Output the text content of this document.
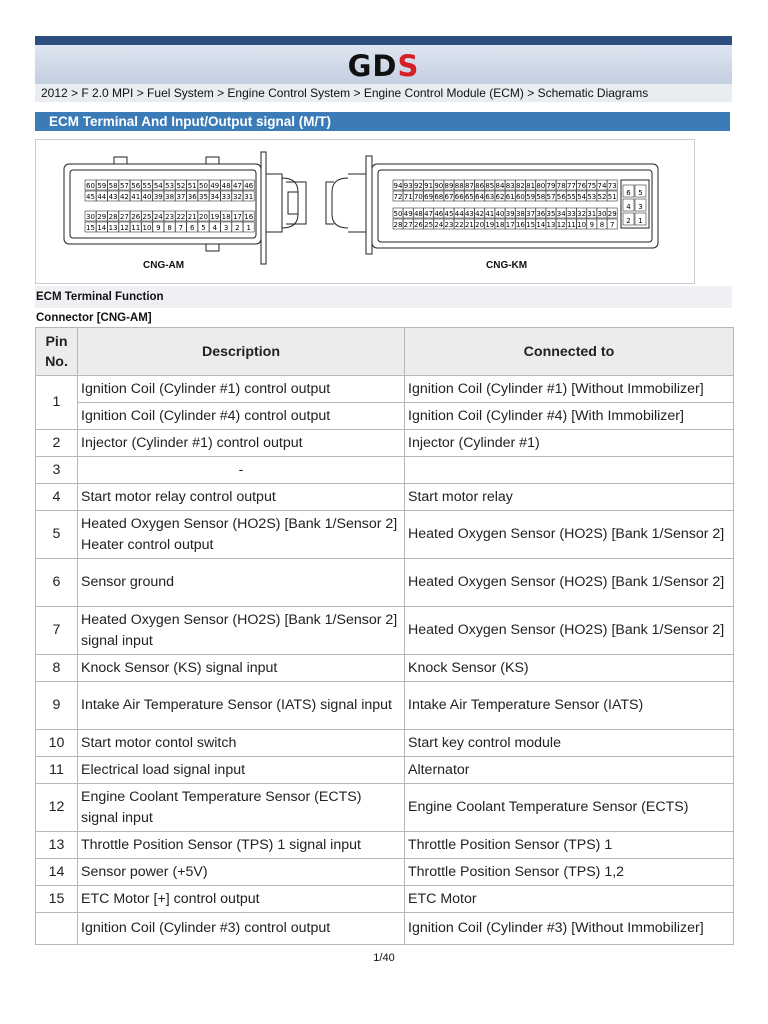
GDS
2012 > F 2.0 MPI > Fuel System > Engine Control System > Engine Control Module (ECM) > Schematic Diagrams
ECM Terminal And Input/Output signal (M/T)
60 59 58 57 56 55 54 53 52 51 50 49 48 47 46
45 44 43 42 41 40 39 38 37 36 35 34 33 32 31
30 29 28 27 26 25 24 23 22 21 20 19 18 17 16
15 14 13 12 11 10 9 8 7 6 5 4 3 2 1
94 93 92 91 90 89 88 87 86 85 84 83 82 81 80 79 78 77 76 75 74 73
72 71 70 69 68 67 66 65 64 63 62 61 60 59 58 57 56 55 54 53 52 51
50 49 48 47 46 45 44 43 42 41 40 39 38 37 36 35 34 33 32 31 30 29
28 27 26 25 24 23 22 21 20 19 18 17 16 15 14 13 12 11 10 9 8 7
6 5
4 3
2 1
CNG-AM	CNG-KM
ECM Terminal Function
Connector [CNG-AM]
Pin No.	Description	Connected to
1	Ignition Coil (Cylinder #1) control output	Ignition Coil (Cylinder #1) [Without Immobilizer]
	Ignition Coil (Cylinder #4) control output	Ignition Coil (Cylinder #4) [With Immobilizer]
2	Injector (Cylinder #1) control output	Injector (Cylinder #1)
3	-	
4	Start motor relay control output	Start motor relay
5	Heated Oxygen Sensor (HO2S) [Bank 1/Sensor 2] Heater control output	Heated Oxygen Sensor (HO2S) [Bank 1/Sensor 2]
6	Sensor ground	Heated Oxygen Sensor (HO2S) [Bank 1/Sensor 2]
7	Heated Oxygen Sensor (HO2S) [Bank 1/Sensor 2] signal input	Heated Oxygen Sensor (HO2S) [Bank 1/Sensor 2]
8	Knock Sensor (KS) signal input	Knock Sensor (KS)
9	Intake Air Temperature Sensor (IATS) signal input	Intake Air Temperature Sensor (IATS)
10	Start motor contol switch	Start key control module
11	Electrical load signal input	Alternator
12	Engine Coolant Temperature Sensor (ECTS) signal input	Engine Coolant Temperature Sensor (ECTS)
13	Throttle Position Sensor (TPS) 1 signal input	Throttle Position Sensor (TPS) 1
14	Sensor power (+5V)	Throttle Position Sensor (TPS) 1,2
15	ETC Motor [+] control output	ETC Motor
	Ignition Coil (Cylinder #3) control output	Ignition Coil (Cylinder #3) [Without Immobilizer]
1/40
